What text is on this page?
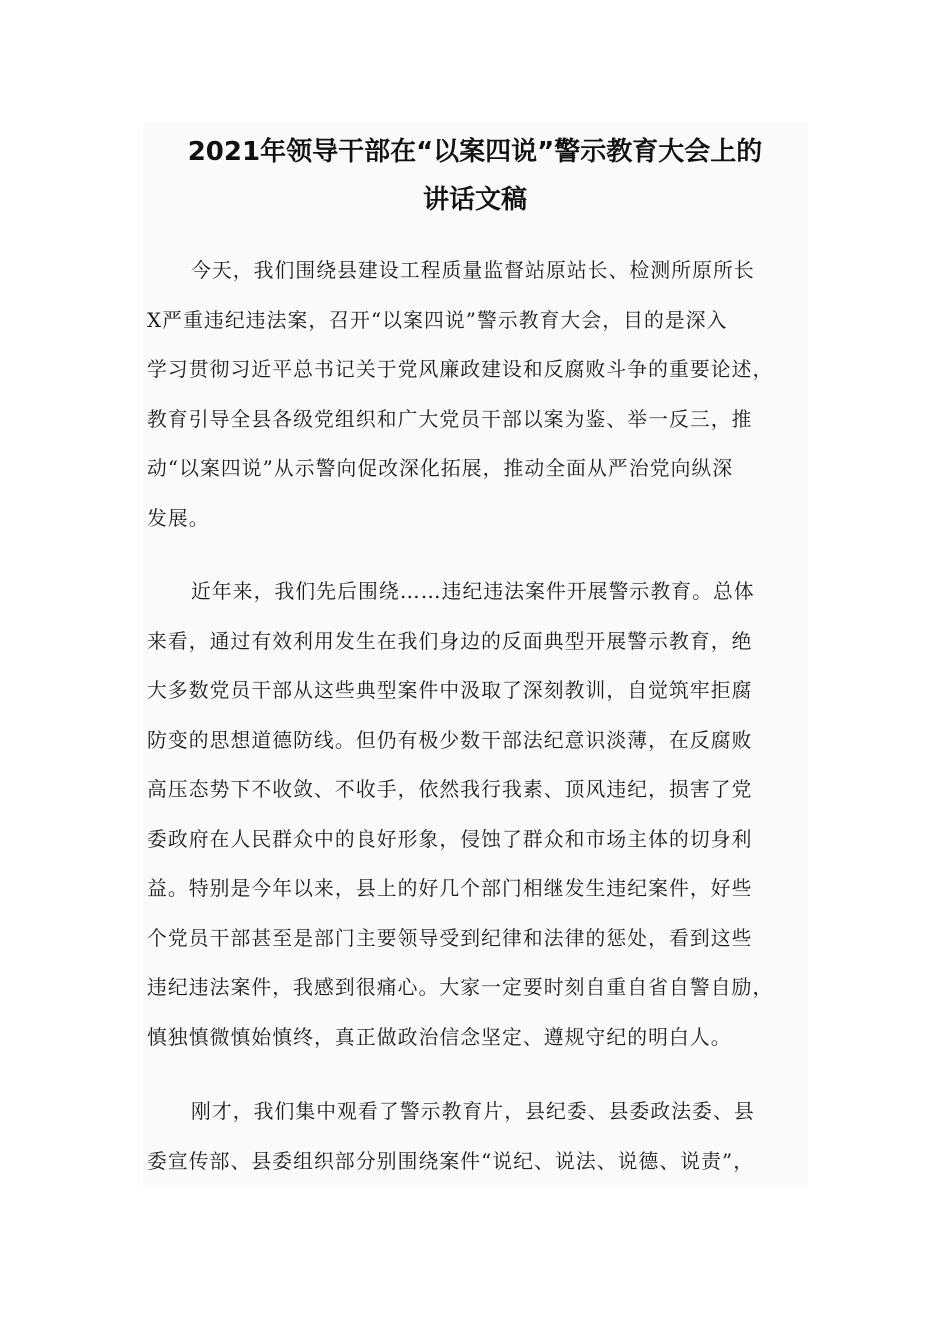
2021年领导干部在“以案四说”警示教育大会上的
讲话文稿
今天，我们围绕县建设工程质量监督站原站长、检测所原所长
X严重违纪违法案，召开“以案四说”警示教育大会，目的是深入
学习贯彻习近平总书记关于党风廉政建设和反腐败斗争的重要论述，
教育引导全县各级党组织和广大党员干部以案为鉴、举一反三，推
动“以案四说”从示警向促改深化拓展，推动全面从严治党向纵深
发展。
近年来，我们先后围绕……违纪违法案件开展警示教育。总体
来看，通过有效利用发生在我们身边的反面典型开展警示教育，绝
大多数党员干部从这些典型案件中汲取了深刻教训，自觉筑牢拒腐
防变的思想道德防线。但仍有极少数干部法纪意识淡薄，在反腐败
高压态势下不收敛、不收手，依然我行我素、顶风违纪，损害了党
委政府在人民群众中的良好形象，侵蚀了群众和市场主体的切身利
益。特别是今年以来，县上的好几个部门相继发生违纪案件，好些
个党员干部甚至是部门主要领导受到纪律和法律的惩处，看到这些
违纪违法案件，我感到很痛心。大家一定要时刻自重自省自警自励，
慎独慎微慎始慎终，真正做政治信念坚定、遵规守纪的明白人。
刚才，我们集中观看了警示教育片，县纪委、县委政法委、县
委宣传部、县委组织部分别围绕案件“说纪、说法、说德、说责”，
